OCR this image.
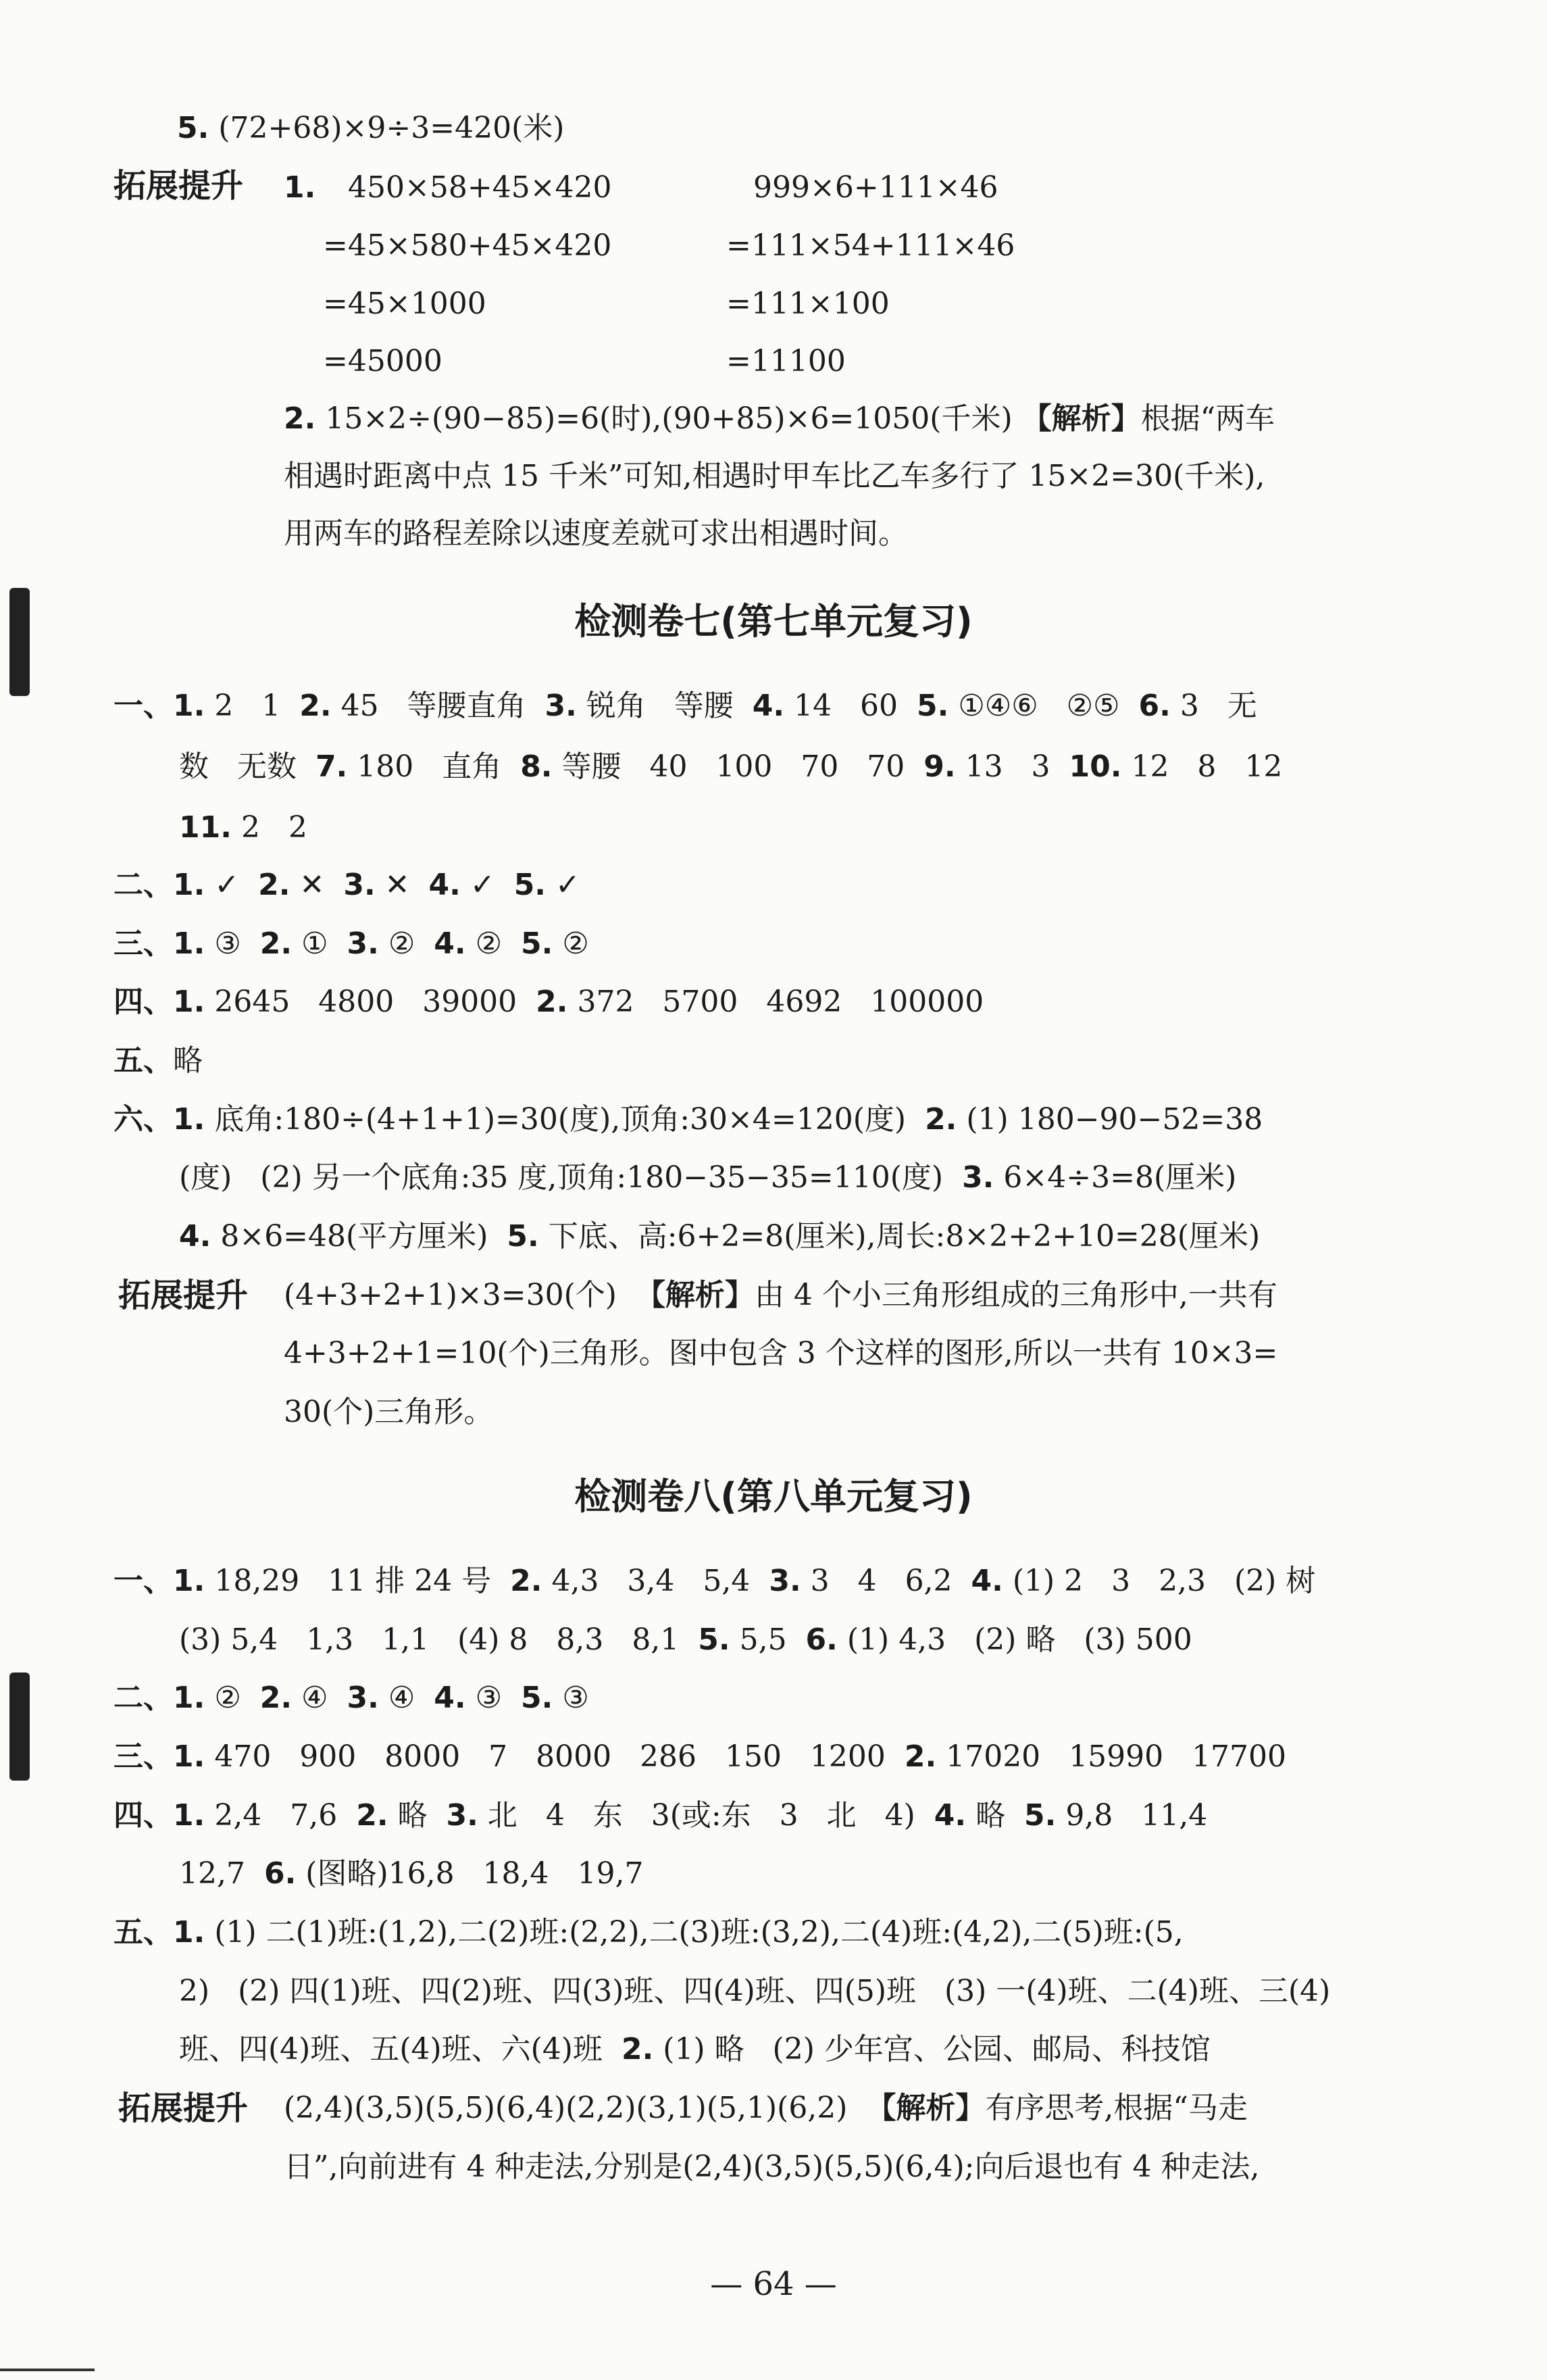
5. (72+68)×9÷3=420(米)
拓展提升 1. 450×58+45×420
=45×580+45×420
=45×1000
=45000
999×6+111×46
=111×54+111×46
=111×100
=11100
2. 15×2÷(90−85)=6(时),(90+85)×6=1050(千米) 【解析】根据“两车
相遇时距离中点 15 千米”可知,相遇时甲车比乙车多行了 15×2=30(千米),
用两车的路程差除以速度差就可求出相遇时间。
检测卷七(第七单元复习)
一、1. 2   1  2. 45   等腰直角  3. 锐角   等腰  4. 14   60  5. ①④⑥   ②⑤  6. 3   无
数   无数  7. 180   直角  8. 等腰   40   100   70   70  9. 13   3  10. 12   8   12
11. 2   2
二、1. ✓  2. ✕  3. ✕  4. ✓  5. ✓
三、1. ③  2. ①  3. ②  4. ②  5. ②
四、1. 2645   4800   39000  2. 372   5700   4692   100000
五、略
六、1. 底角:180÷(4+1+1)=30(度),顶角:30×4=120(度)  2. (1) 180−90−52=38
(度)   (2) 另一个底角:35 度,顶角:180−35−35=110(度)  3. 6×4÷3=8(厘米)
4. 8×6=48(平方厘米)  5. 下底、高:6+2=8(厘米),周长:8×2+2+10=28(厘米)
拓展提升 (4+3+2+1)×3=30(个)  【解析】由 4 个小三角形组成的三角形中,一共有
4+3+2+1=10(个)三角形。图中包含 3 个这样的图形,所以一共有 10×3=
30(个)三角形。
检测卷八(第八单元复习)
一、1. 18,29   11 排 24 号  2. 4,3   3,4   5,4  3. 3   4   6,2  4. (1) 2   3   2,3   (2) 树
(3) 5,4   1,3   1,1   (4) 8   8,3   8,1  5. 5,5  6. (1) 4,3   (2) 略   (3) 500
二、1. ②  2. ④  3. ④  4. ③  5. ③
三、1. 470   900   8000   7   8000   286   150   1200  2. 17020   15990   17700
四、1. 2,4   7,6  2. 略  3. 北   4   东   3(或:东   3   北   4)  4. 略  5. 9,8   11,4
12,7  6. (图略)16,8   18,4   19,7
五、1. (1) 二(1)班:(1,2),二(2)班:(2,2),二(3)班:(3,2),二(4)班:(4,2),二(5)班:(5,
2)   (2) 四(1)班、四(2)班、四(3)班、四(4)班、四(5)班   (3) 一(4)班、二(4)班、三(4)
班、四(4)班、五(4)班、六(4)班  2. (1) 略   (2) 少年宫、公园、邮局、科技馆
拓展提升 (2,4)(3,5)(5,5)(6,4)(2,2)(3,1)(5,1)(6,2)  【解析】有序思考,根据“马走
日”,向前进有 4 种走法,分别是(2,4)(3,5)(5,5)(6,4);向后退也有 4 种走法,
— 64 —
